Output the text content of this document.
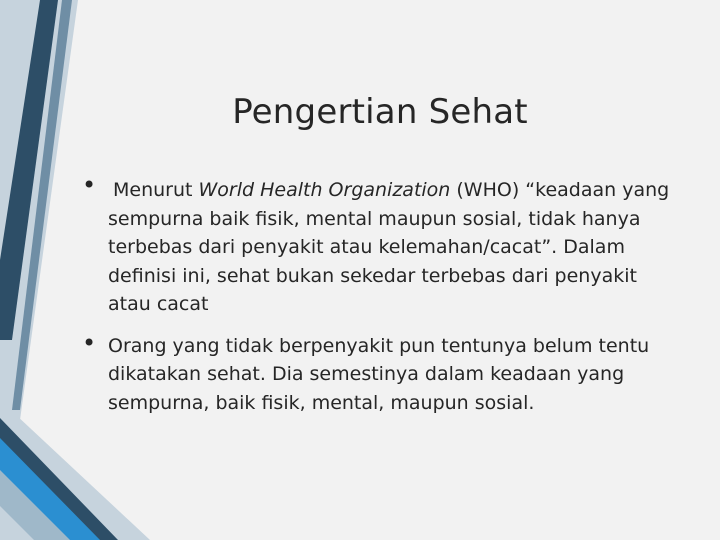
Pengertian Sehat
• Menurut World Health Organization (WHO) “keadaan yang sempurna baik fisik, mental maupun sosial, tidak hanya terbebas dari penyakit atau kelemahan/cacat”. Dalam definisi ini, sehat bukan sekedar terbebas dari penyakit atau cacat
• Orang yang tidak berpenyakit pun tentunya belum tentu dikatakan sehat. Dia semestinya dalam keadaan yang sempurna, baik fisik, mental, maupun sosial.
